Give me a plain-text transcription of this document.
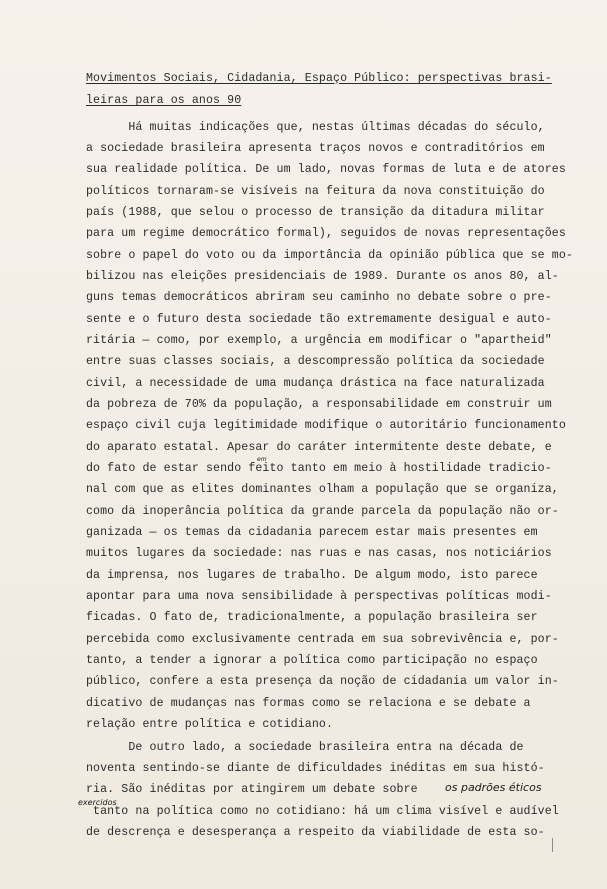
Movimentos Sociais, Cidadania, Espaço Público: perspectivas brasi-

leiras para os anos 90

Há muitas indicações que, nestas últimas décadas do século,

a sociedade brasileira apresenta traços novos e contraditórios em

sua realidade política. De um lado, novas formas de luta e de atores

políticos tornaram-se visíveis na feitura da nova constituição do

país (1988, que selou o processo de transição da ditadura militar

para um regime democrático formal), seguidos de novas representações

sobre o papel do voto ou da importância da opinião pública que se mo-

bilizou nas eleições presidenciais de 1989. Durante os anos 80, al-

guns temas democráticos abriram seu caminho no debate sobre o pre-

sente e o futuro desta sociedade tão extremamente desigual e auto-

ritária — como, por exemplo, a urgência em modificar o "apartheid"

entre suas classes sociais, a descompressão política da sociedade

civil, a necessidade de uma mudança drástica na face naturalizada

da pobreza de 70% da população, a responsabilidade em construir um

espaço civil cuja legitimidade modifique o autoritário funcionamento

do aparato estatal. Apesar do caráter intermitente deste debate, e

do fato de estar sendo feito tanto em meio à hostilidade tradicio-

nal com que as elites dominantes olham a população que se organiza,

como da inoperância política da grande parcela da população não or-

ganizada — os temas da cidadania parecem estar mais presentes em

muitos lugares da sociedade: nas ruas e nas casas, nos noticiários

da imprensa, nos lugares de trabalho. De algum modo, isto parece

apontar para uma nova sensibilidade à perspectivas políticas modi-

ficadas. O fato de, tradicionalmente, a população brasileira ser

percebida como exclusivamente centrada em sua sobrevivência e, por-

tanto, a tender a ignorar a política como participação no espaço

público, confere a esta presença da noção de cidadania um valor in-

dicativo de mudanças nas formas como se relaciona e se debate a

relação entre política e cotidiano.

De outro lado, a sociedade brasileira entra na década de

noventa sentindo-se diante de dificuldades inéditas em sua histó-

ria. São inéditas por atingirem um debate sobre

tanto na política como no cotidiano: há um clima visível e audível

de descrença e desesperança a respeito da viabilidade de esta so-

os padrões éticos
exercidos
em
